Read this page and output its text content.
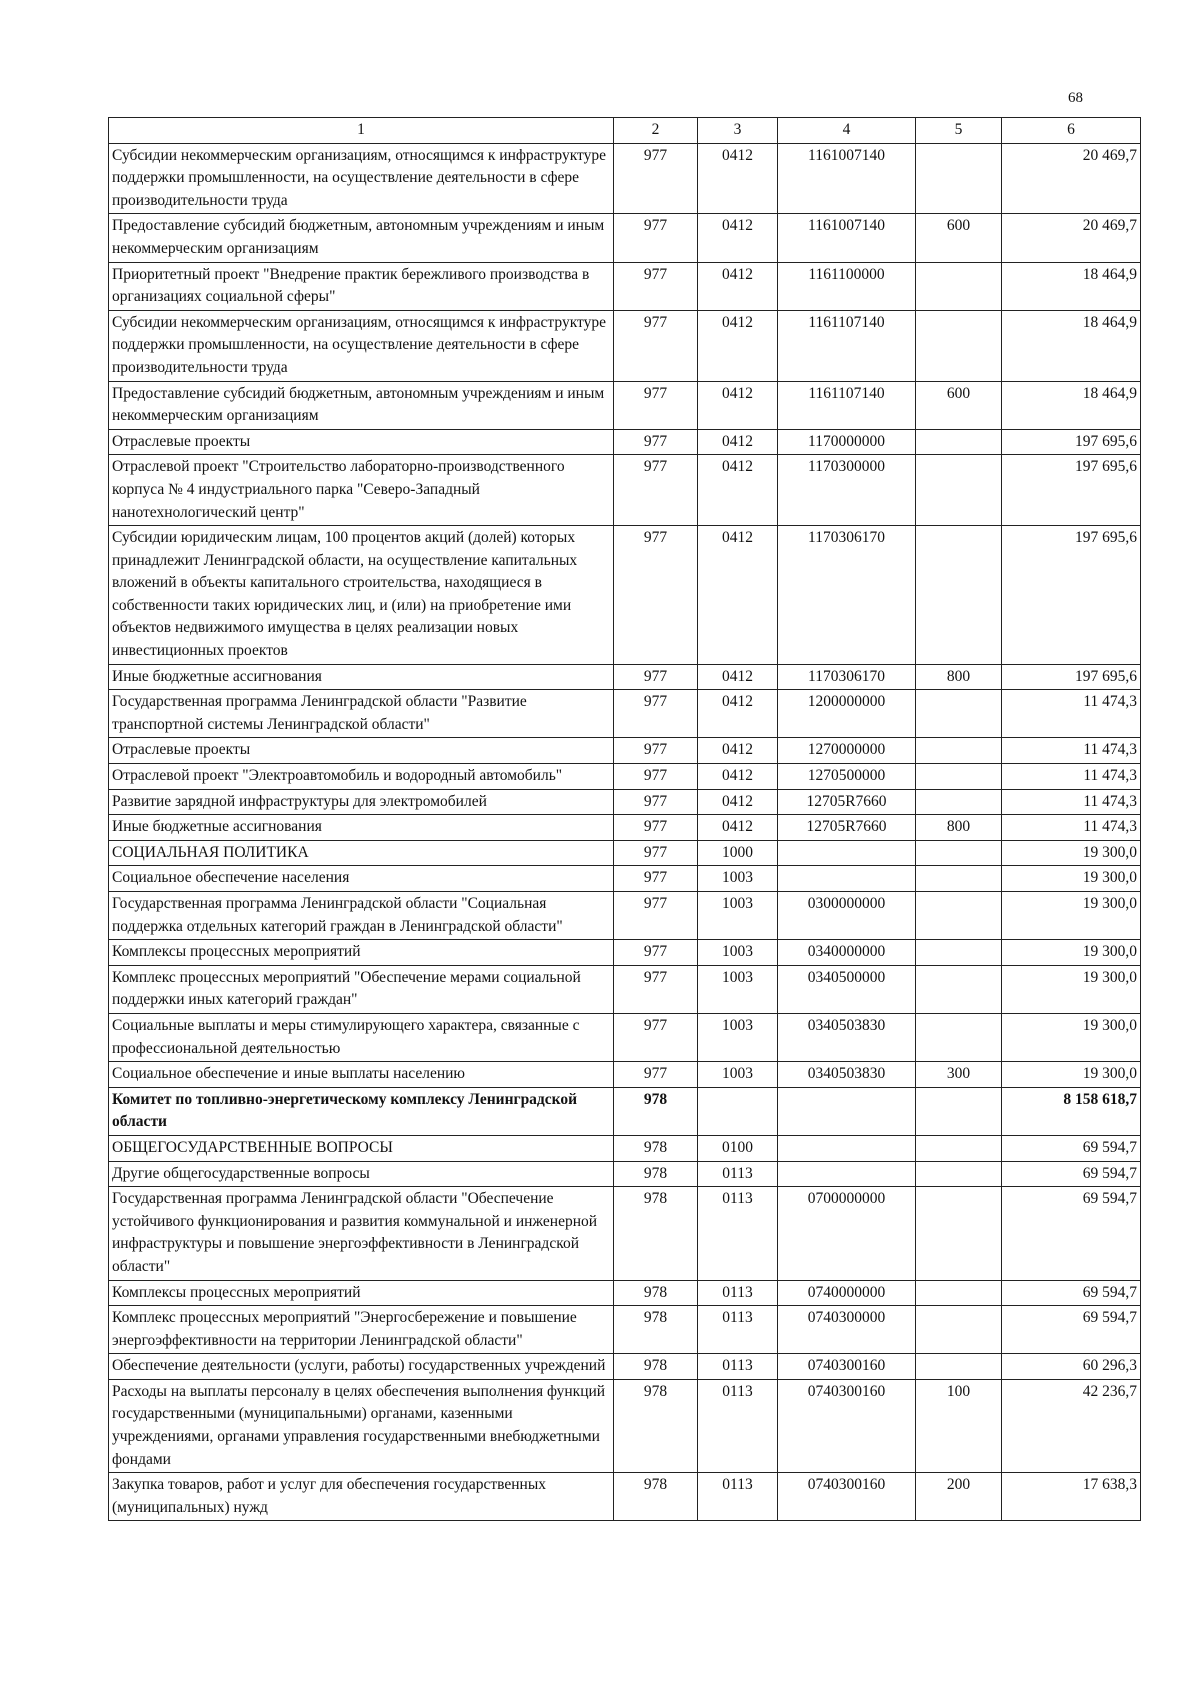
68
1	2	3	4	5	6
Субсидии некоммерческим организациям, относящимся к инфраструктуре поддержки промышленности, на осуществление деятельности в сфере производительности труда	977	0412	1161007140		20 469,7
Предоставление субсидий бюджетным, автономным учреждениям и иным некоммерческим организациям	977	0412	1161007140	600	20 469,7
Приоритетный проект "Внедрение практик бережливого производства в организациях социальной сферы"	977	0412	1161100000		18 464,9
Субсидии некоммерческим организациям, относящимся к инфраструктуре поддержки промышленности, на осуществление деятельности в сфере производительности труда	977	0412	1161107140		18 464,9
Предоставление субсидий бюджетным, автономным учреждениям и иным некоммерческим организациям	977	0412	1161107140	600	18 464,9
Отраслевые проекты	977	0412	1170000000		197 695,6
Отраслевой проект "Строительство лабораторно-производственного корпуса № 4 индустриального парка "Северо-Западный нанотехнологический центр"	977	0412	1170300000		197 695,6
Субсидии юридическим лицам, 100 процентов акций (долей) которых принадлежит Ленинградской области, на осуществление капитальных вложений в объекты капитального строительства, находящиеся в собственности таких юридических лиц, и (или) на приобретение ими объектов недвижимого имущества в целях реализации новых инвестиционных проектов	977	0412	1170306170		197 695,6
Иные бюджетные ассигнования	977	0412	1170306170	800	197 695,6
Государственная программа Ленинградской области "Развитие транспортной системы Ленинградской области"	977	0412	1200000000		11 474,3
Отраслевые проекты	977	0412	1270000000		11 474,3
Отраслевой проект "Электроавтомобиль и водородный автомобиль"	977	0412	1270500000		11 474,3
Развитие зарядной инфраструктуры для электромобилей	977	0412	12705R7660		11 474,3
Иные бюджетные ассигнования	977	0412	12705R7660	800	11 474,3
СОЦИАЛЬНАЯ ПОЛИТИКА	977	1000			19 300,0
Социальное обеспечение населения	977	1003			19 300,0
Государственная программа Ленинградской области "Социальная поддержка отдельных категорий граждан в Ленинградской области"	977	1003	0300000000		19 300,0
Комплексы процессных мероприятий	977	1003	0340000000		19 300,0
Комплекс процессных мероприятий "Обеспечение мерами социальной поддержки иных категорий граждан"	977	1003	0340500000		19 300,0
Социальные выплаты и меры стимулирующего характера, связанные с профессиональной деятельностью	977	1003	0340503830		19 300,0
Социальное обеспечение и иные выплаты населению	977	1003	0340503830	300	19 300,0
Комитет по топливно-энергетическому комплексу Ленинградской области	978				8 158 618,7
ОБЩЕГОСУДАРСТВЕННЫЕ ВОПРОСЫ	978	0100			69 594,7
Другие общегосударственные вопросы	978	0113			69 594,7
Государственная программа Ленинградской области "Обеспечение устойчивого функционирования и развития коммунальной и инженерной инфраструктуры и повышение энергоэффективности в Ленинградской области"	978	0113	0700000000		69 594,7
Комплексы процессных мероприятий	978	0113	0740000000		69 594,7
Комплекс процессных мероприятий "Энергосбережение и повышение энергоэффективности на территории Ленинградской области"	978	0113	0740300000		69 594,7
Обеспечение деятельности (услуги, работы) государственных учреждений	978	0113	0740300160		60 296,3
Расходы на выплаты персоналу в целях обеспечения выполнения функций государственными (муниципальными) органами, казенными учреждениями, органами управления государственными внебюджетными фондами	978	0113	0740300160	100	42 236,7
Закупка товаров, работ и услуг для обеспечения государственных (муниципальных) нужд	978	0113	0740300160	200	17 638,3
